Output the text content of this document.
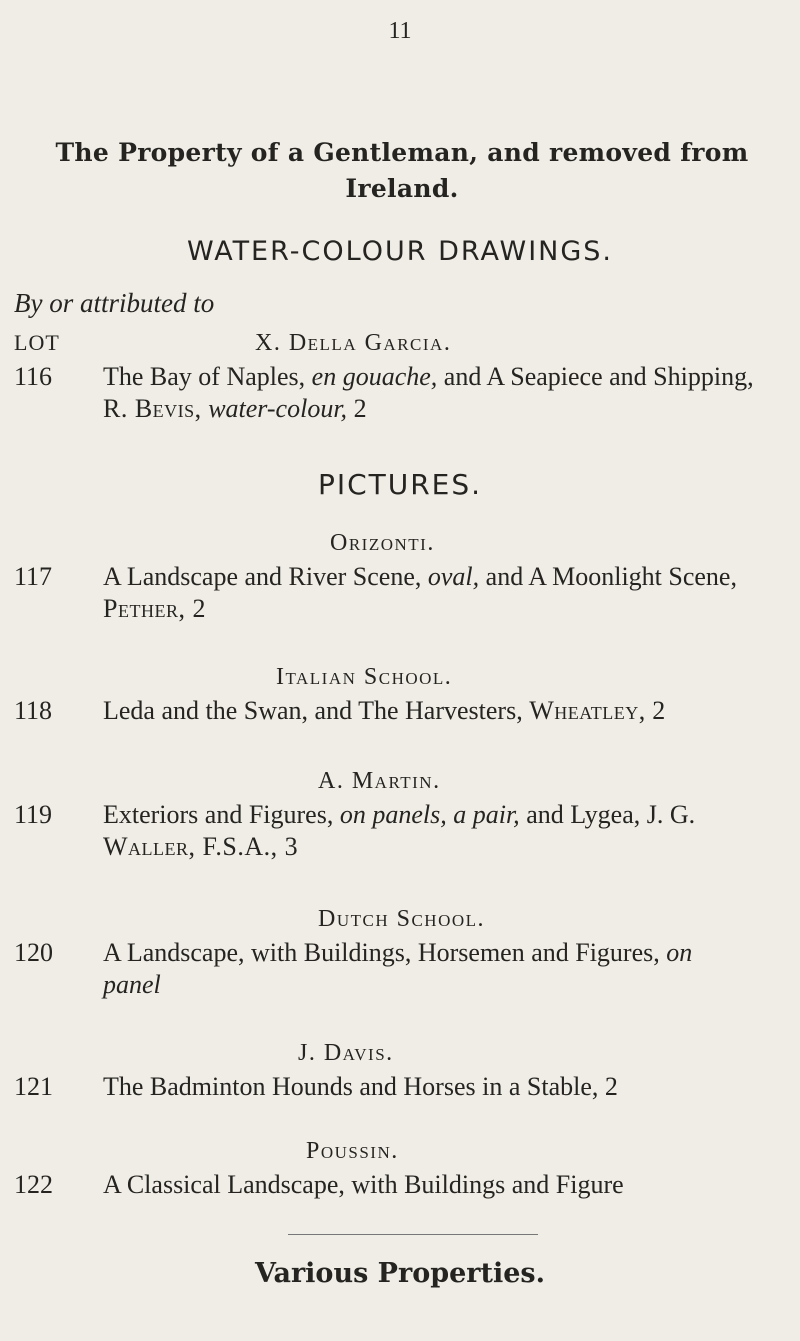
11
The Property of a Gentleman, and removed from
Ireland.
WATER-COLOUR DRAWINGS.
By or attributed to
LOT	X. Della Garcia.
116 The Bay of Naples, en gouache, and A Seapiece and Shipping,
R. Bevis, water-colour, 2
PICTURES.
Orizonti.
117 A Landscape and River Scene, oval, and A Moonlight Scene,
Pether, 2
Italian School.
118 Leda and the Swan, and The Harvesters, Wheatley, 2
A. Martin.
119 Exteriors and Figures, on panels, a pair, and Lygea, J. G.
Waller, F.S.A., 3
Dutch School.
120 A Landscape, with Buildings, Horsemen and Figures, on
panel
J. Davis.
121 The Badminton Hounds and Horses in a Stable, 2
Poussin.
122 A Classical Landscape, with Buildings and Figure
Various Properties.
